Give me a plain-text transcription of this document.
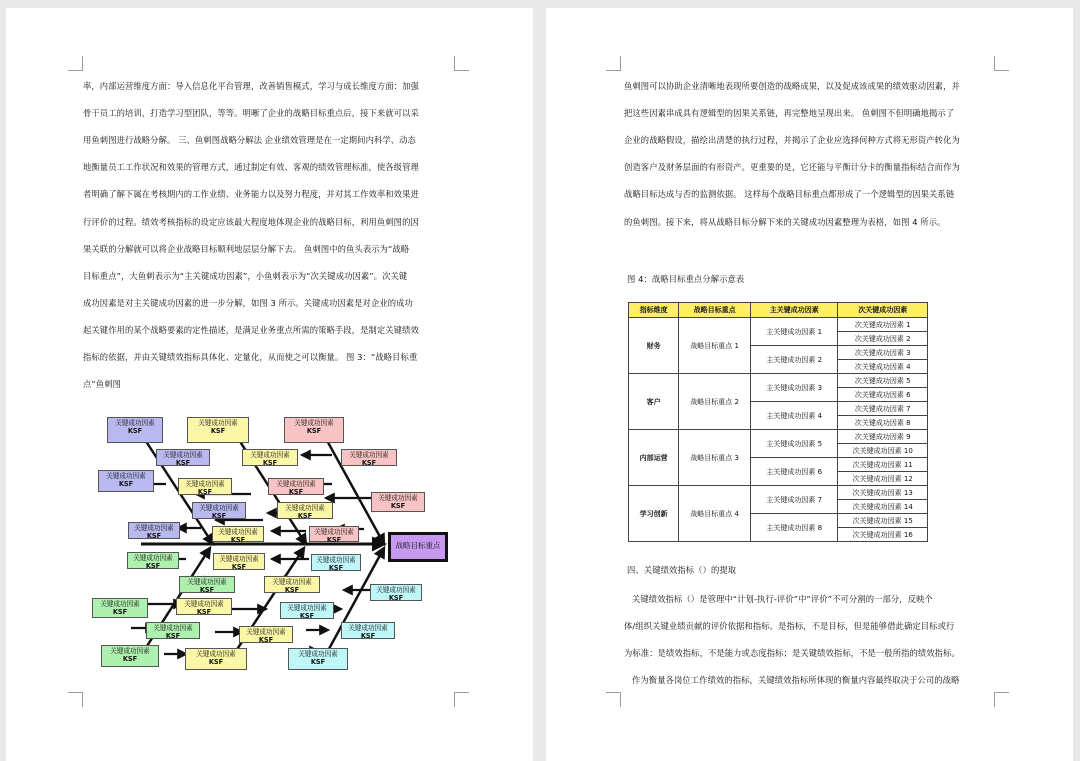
率，内部运营维度方面：导入信息化平台管理，改善销售模式，学习与成长维度方面：加强
骨干员工的培训，打造学习型团队，等等。明晰了企业的战略目标重点后，接下来就可以采
用鱼刺图进行战略分解。 三、鱼刺图战略分解法 企业绩效管理是在一定期间内科学、动态
地衡量员工工作状况和效果的管理方式，通过制定有效、客观的绩效管理标准，使各级管理
者明确了解下属在考核期内的工作业绩、业务能力以及努力程度，并对其工作效率和效果进
行评价的过程。绩效考核指标的设定应该最大程度地体现企业的战略目标，利用鱼刺图的因
果关联的分解就可以将企业战略目标顺利地层层分解下去。 鱼刺图中的鱼头表示为“战略
目标重点”，大鱼刺表示为“主关键成功因素”，小鱼刺表示为“次关键成功因素”。次关键
成功因素是对主关键成功因素的进一步分解，如图 3 所示。关键成功因素是对企业的成功
起关键作用的某个战略要素的定性描述，是满足业务重点所需的策略手段，是制定关键绩效
指标的依据，并由关键绩效指标具体化、定量化，从而使之可以衡量。 图 3：“战略目标重
点”鱼刺图
关键成功因素
KSF
关键成功因素
KSF
关键成功因素
KSF
关键成功因素
KSF
关键成功因素
KSF
关键成功因素
KSF
关键成功因素
KSF	关键成功因素
KSF
关键成功因素
KSF
关键成功因素
KSF
关键成功因素
KSF
关键成功因素
KSF
关键成功因素
KSF	关键成功因素
KSF
关键成功因素
KSF
关键成功因素
KSF
关键成功因素
KSF
关键成功因素
KSF
关键成功因素
KSF
关键成功因素
KSF	关键成功因素
KSF
关键成功因素
KSF
关键成功因素
KSF	关键成功因素
KSF
关键成功因素
KSF	关键成功因素
KSF
关键成功因素
KSF
关键成功因素
KSF
关键成功因素
KSF
关键成功因素
KSF
战略目标重点
鱼刺图可以协助企业清晰地表现所要创造的战略成果，以及促成该成果的绩效驱动因素，并
把这些因素串成具有逻辑型的因果关系链，再完整地呈现出来。 鱼刺图不但明确地揭示了
企业的战略假设，描绘出清楚的执行过程，并揭示了企业应选择何种方式将无形资产转化为
创造客户及财务层面的有形资产。更重要的是，它还能与平衡计分卡的衡量指标结合而作为
战略目标达成与否的监测依据。 这样每个战略目标重点都形成了一个逻辑型的因果关系链
的鱼刺图。接下来，将从战略目标分解下来的关键成功因素整理为表格，如图 4 所示。
图 4：战略目标重点分解示意表
指标维度	战略目标重点	主关键成功因素	次关键成功因素
财务	战略目标重点 1	主关键成功因素 1	次关键成功因素 1
			次关键成功因素 2
		主关键成功因素 2	次关键成功因素 3
			次关键成功因素 4
客户	战略目标重点 2	主关键成功因素 3	次关键成功因素 5
			次关键成功因素 6
		主关键成功因素 4	次关键成功因素 7
			次关键成功因素 8
内部运营	战略目标重点 3	主关键成功因素 5	次关键成功因素 9
			次关键成功因素 10
		主关键成功因素 6	次关键成功因素 11
			次关键成功因素 12
学习创新	战略目标重点 4	主关键成功因素 7	次关键成功因素 13
			次关键成功因素 14
		主关键成功因素 8	次关键成功因素 15
			次关键成功因素 16
四、关键绩效指标（）的提取
关键绩效指标（）是管理中“计划-执行-评价”中“评价”不可分割的一部分，反映个
体/组织关键业绩贡献的评价依据和指标。是指标，不是目标，但是能够借此确定目标或行
为标准：是绩效指标，不是能力或态度指标；是关键绩效指标，不是一般所指的绩效指标。
作为衡量各岗位工作绩效的指标，关键绩效指标所体现的衡量内容最终取决于公司的战略
